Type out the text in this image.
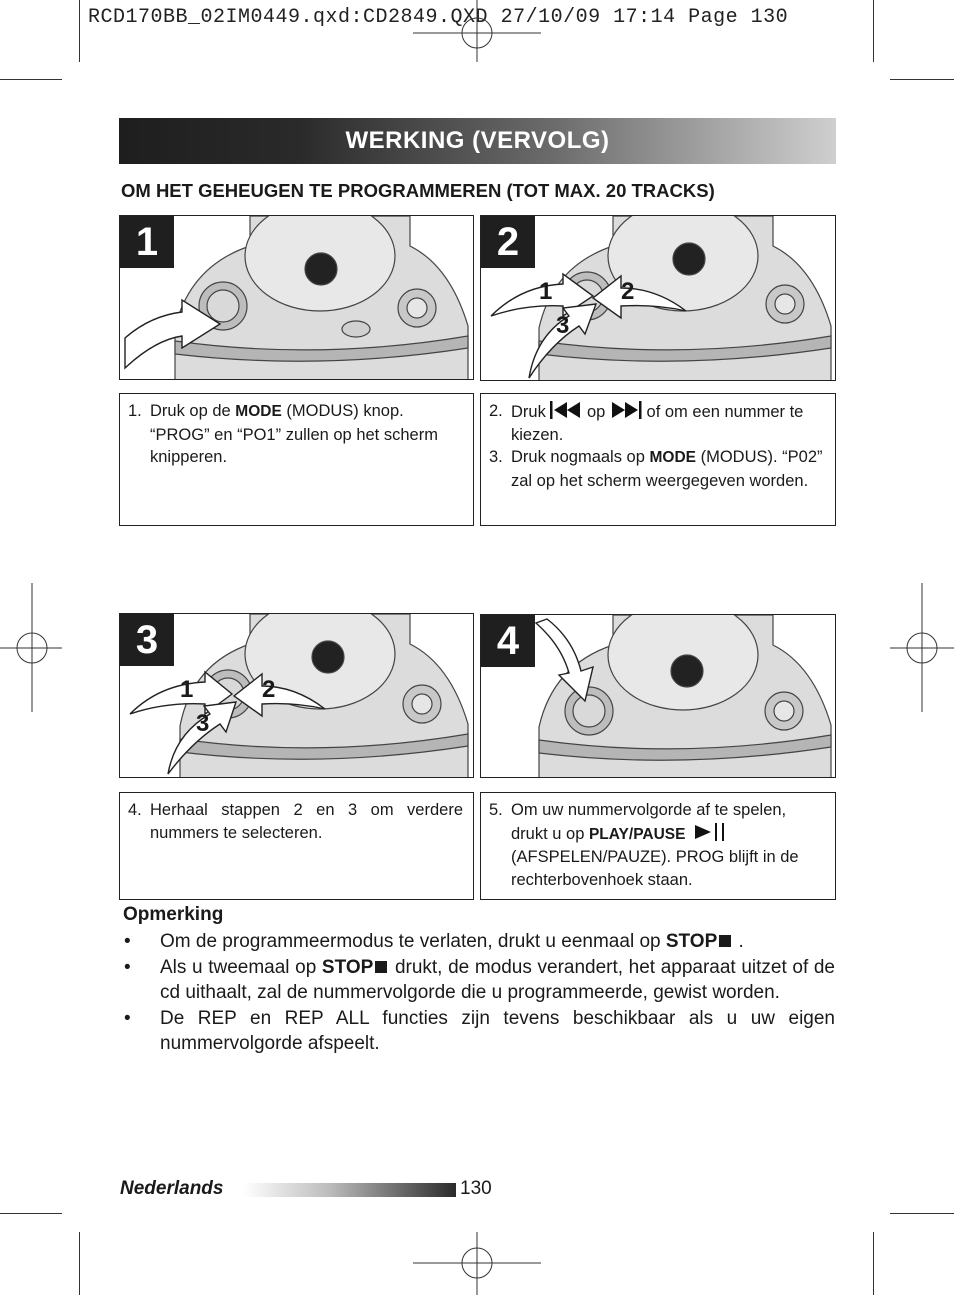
RCD170BB_02IM0449.qxd:CD2849.QXD 27/10/09 17:14 Page 130
WERKING (VERVOLG)
OM HET GEHEUGEN TE PROGRAMMEREN (TOT MAX. 20 TRACKS)
1	2
1	2
3
1. Druk op de MODE (MODUS) knop. “PROG” en “PO1” zullen op het scherm knipperen.
2. Druk  op  of om een nummer te kiezen.
3. Druk nogmaals op MODE (MODUS). “P02” zal op het scherm weergegeven worden.
3
1	2
3
4
4. Herhaal stappen 2 en 3 om verdere nummers te selecteren.
5. Om uw nummervolgorde af te spelen, drukt u op PLAY/PAUSE (AFSPELEN/PAUZE). PROG blijft in de rechterbovenhoek staan.
Opmerking
•	Om de programmeermodus te verlaten, drukt u eenmaal op STOP .
•	Als u tweemaal op STOP drukt, de modus verandert, het apparaat uitzet of de cd uithaalt, zal de nummervolgorde die u programmeerde, gewist worden.
•	De REP en REP ALL functies zijn tevens beschikbaar als u uw eigen nummervolgorde afspeelt.
Nederlands	130
